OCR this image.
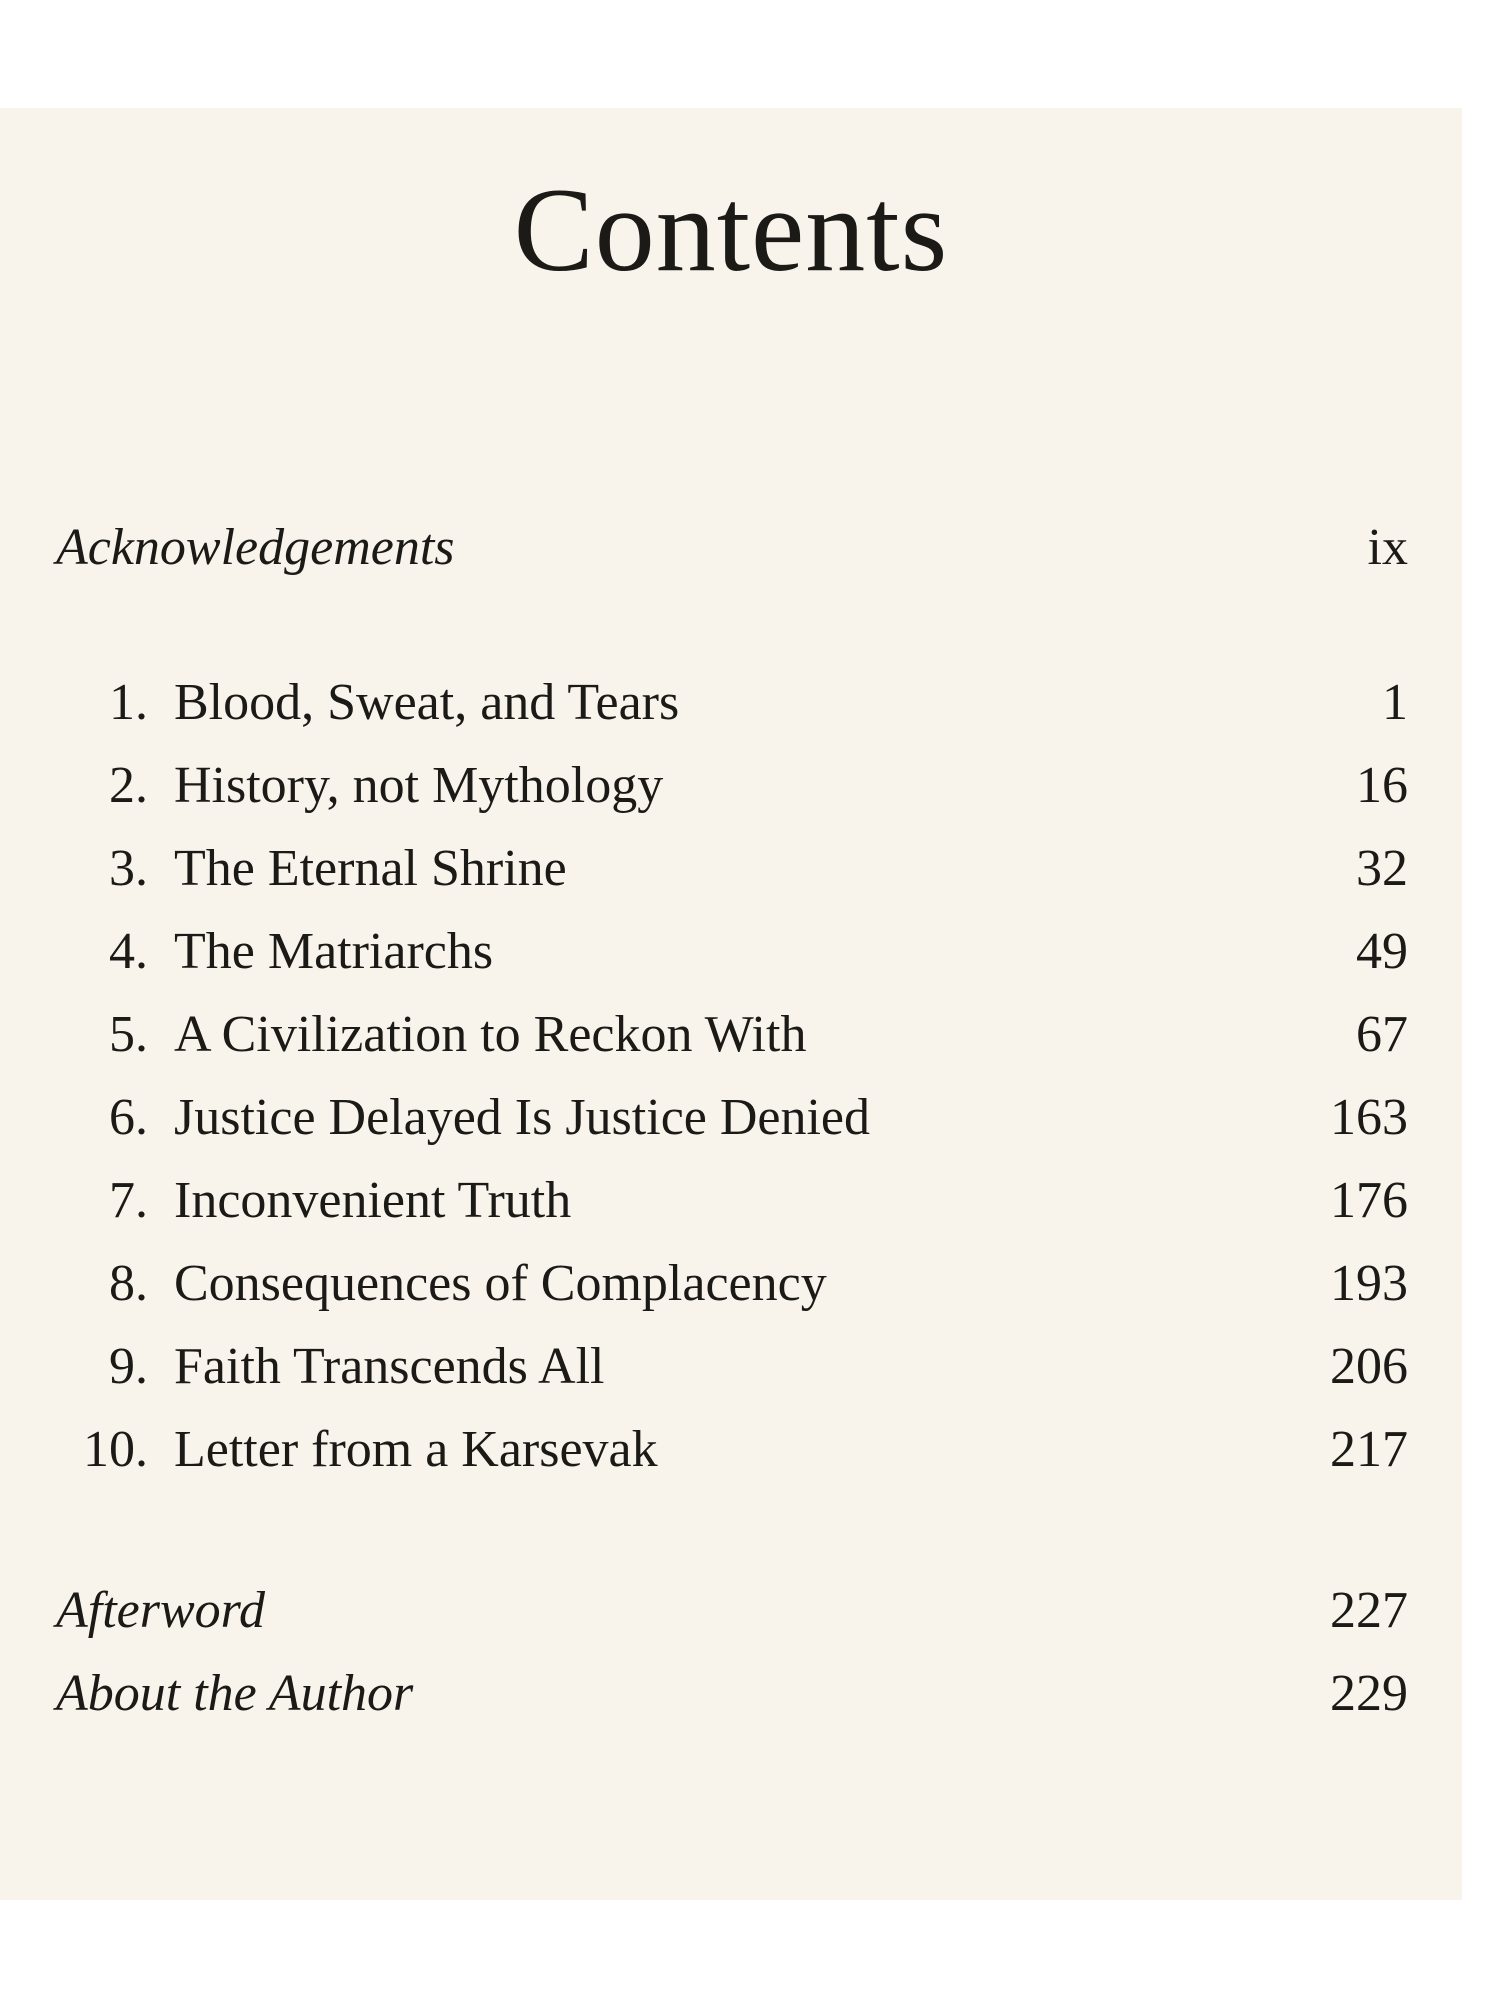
Contents
Acknowledgements	ix
1. Blood, Sweat, and Tears	1
2. History, not Mythology	16
3. The Eternal Shrine	32
4. The Matriarchs	49
5. A Civilization to Reckon With	67
6. Justice Delayed Is Justice Denied	163
7. Inconvenient Truth	176
8. Consequences of Complacency	193
9. Faith Transcends All	206
10. Letter from a Karsevak	217
Afterword	227
About the Author	229
